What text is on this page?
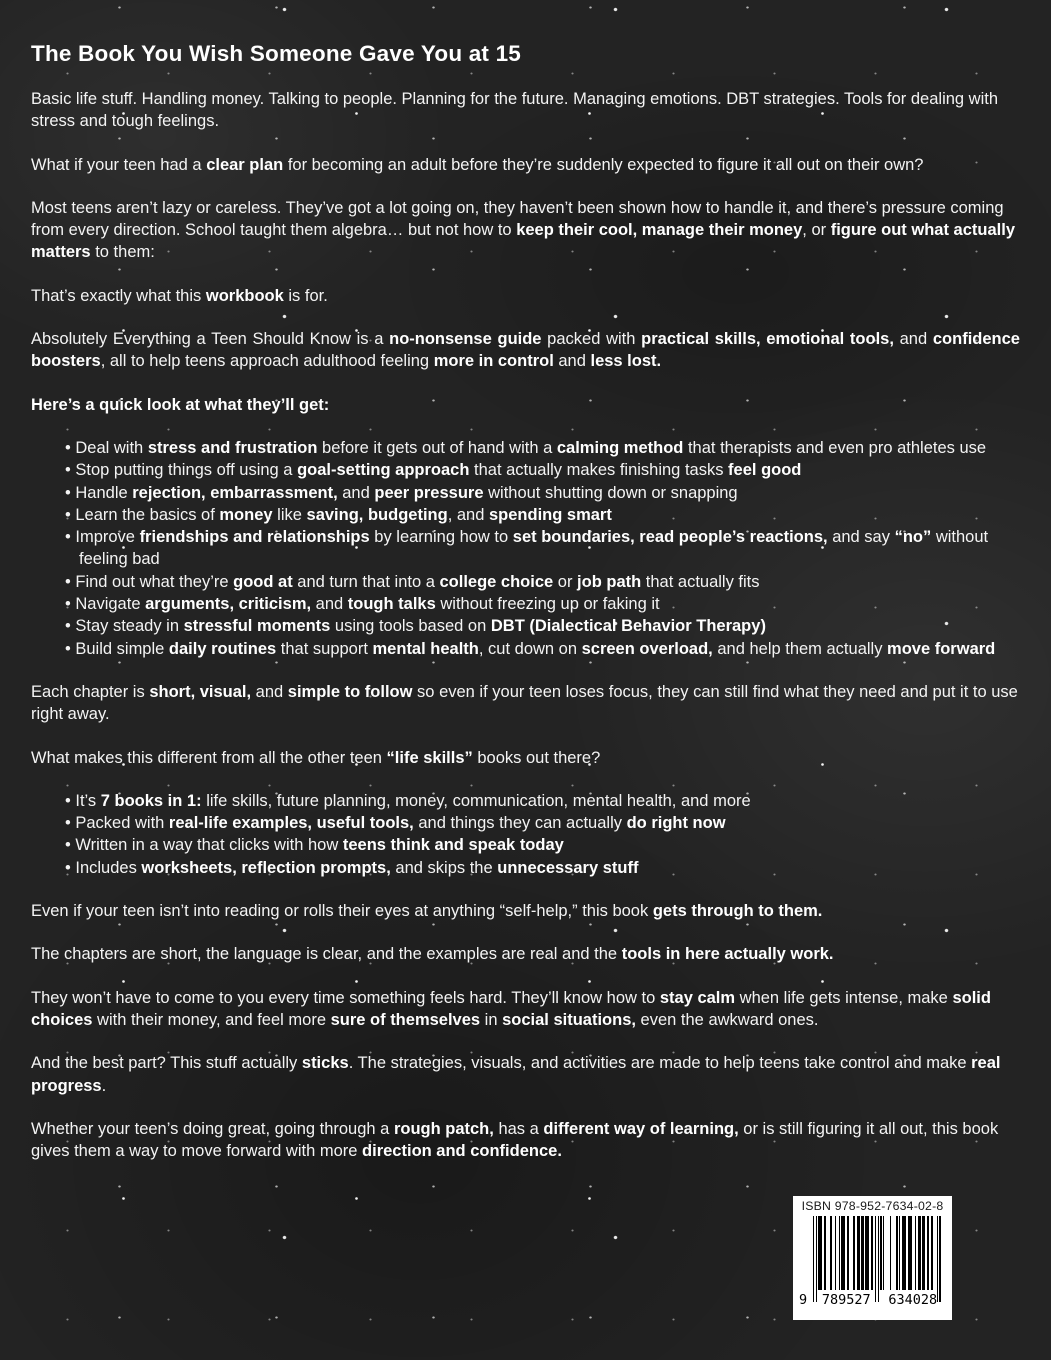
The Book You Wish Someone Gave You at 15
Basic life stuff. Handling money. Talking to people. Planning for the future. Managing emotions. DBT strategies. Tools for dealing with stress and tough feelings.
What if your teen had a clear plan for becoming an adult before they’re suddenly expected to figure it all out on their own?
Most teens aren’t lazy or careless. They’ve got a lot going on, they haven’t been shown how to handle it, and there’s pressure coming from every direction. School taught them algebra… but not how to keep their cool, manage their money, or figure out what actually matters to them:
That’s exactly what this workbook is for.
Absolutely Everything a Teen Should Know is a no-nonsense guide packed with practical skills, emotional tools, and confidence boosters, all to help teens approach adulthood feeling more in control and less lost.
Here’s a quick look at what they’ll get:
• Deal with stress and frustration before it gets out of hand with a calming method that therapists and even pro athletes use
• Stop putting things off using a goal-setting approach that actually makes finishing tasks feel good
• Handle rejection, embarrassment, and peer pressure without shutting down or snapping
• Learn the basics of money like saving, budgeting, and spending smart
• Improve friendships and relationships by learning how to set boundaries, read people’s reactions, and say “no” without feeling bad
• Find out what they’re good at and turn that into a college choice or job path that actually fits
• Navigate arguments, criticism, and tough talks without freezing up or faking it
• Stay steady in stressful moments using tools based on DBT (Dialectical Behavior Therapy)
• Build simple daily routines that support mental health, cut down on screen overload, and help them actually move forward
Each chapter is short, visual, and simple to follow so even if your teen loses focus, they can still find what they need and put it to use right away.
What makes this different from all the other teen “life skills” books out there?
• It’s 7 books in 1: life skills, future planning, money, communication, mental health, and more
• Packed with real-life examples, useful tools, and things they can actually do right now
• Written in a way that clicks with how teens think and speak today
• Includes worksheets, reflection prompts, and skips the unnecessary stuff
Even if your teen isn’t into reading or rolls their eyes at anything “self-help,” this book gets through to them.
The chapters are short, the language is clear, and the examples are real and the tools in here actually work.
They won’t have to come to you every time something feels hard. They’ll know how to stay calm when life gets intense, make solid choices with their money, and feel more sure of themselves in social situations, even the awkward ones.
And the best part? This stuff actually sticks. The strategies, visuals, and activities are made to help teens take control and make real progress.
Whether your teen’s doing great, going through a rough patch, has a different way of learning, or is still figuring it all out, this book gives them a way to move forward with more direction and confidence.
ISBN 978-952-7634-02-8
9	789527	634028
